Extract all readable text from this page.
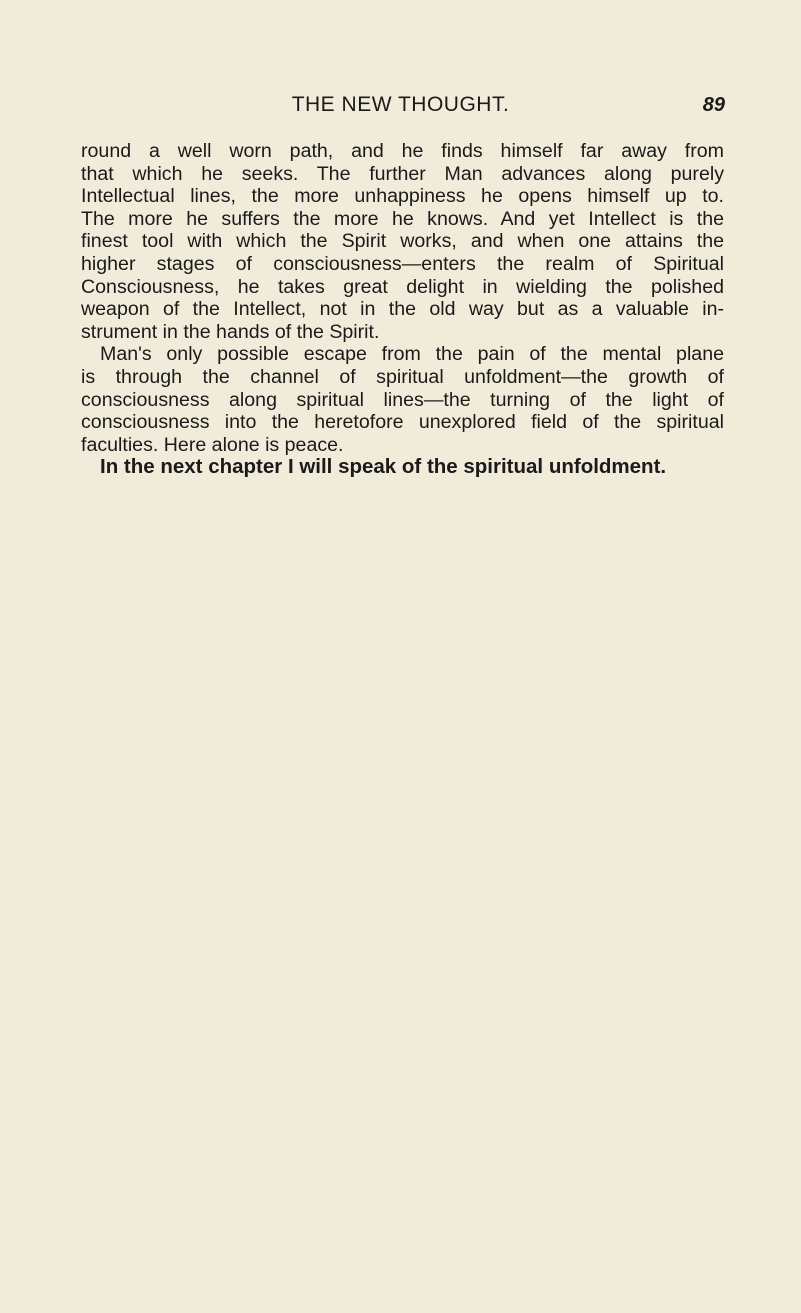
THE NEW THOUGHT.	89
round a well worn path, and he finds himself far away from
that which he seeks. The further Man advances along purely
Intellectual lines, the more unhappiness he opens himself up to.
The more he suffers the more he knows. And yet Intellect is the
finest tool with which the Spirit works, and when one attains the
higher stages of consciousness—enters the realm of Spiritual
Consciousness, he takes great delight in wielding the polished
weapon of the Intellect, not in the old way but as a valuable in-
strument in the hands of the Spirit.
Man's only possible escape from the pain of the mental plane
is through the channel of spiritual unfoldment—the growth of
consciousness along spiritual lines—the turning of the light of
consciousness into the heretofore unexplored field of the spiritual
faculties. Here alone is peace.
In the next chapter I will speak of the spiritual unfoldment.
